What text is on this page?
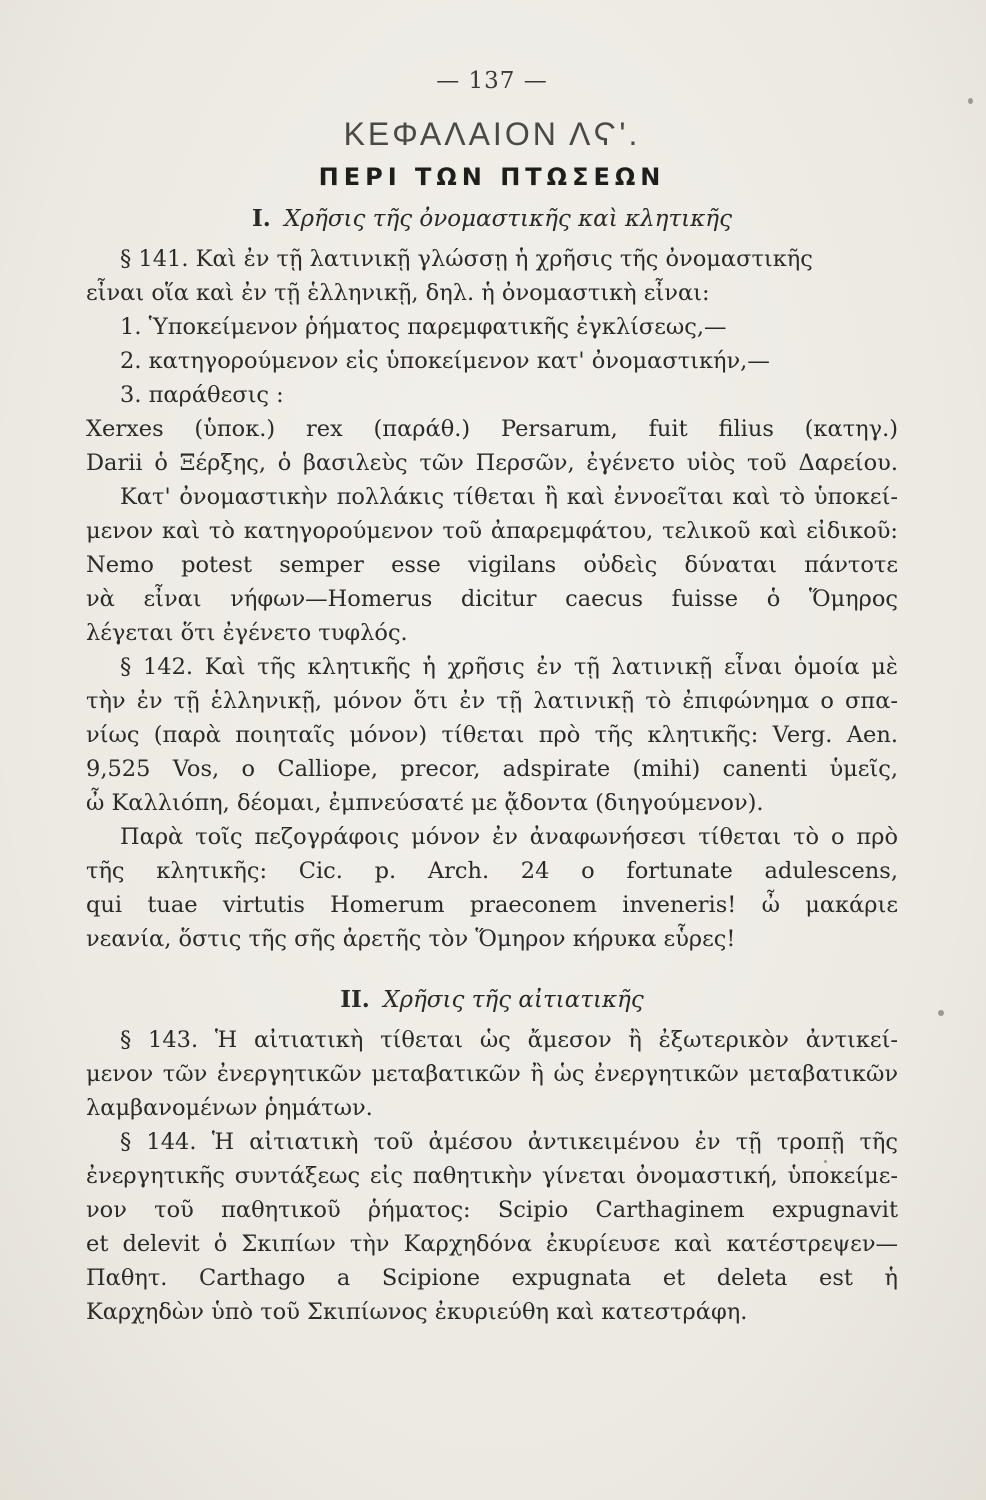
— 137 —
ΚΕΦΑΛΑΙΟΝ ΛϚ'.
ΠΕΡΙ ΤΩΝ ΠΤΩΣΕΩΝ
I. Χρῆσις τῆς ὀνομαστικῆς καὶ κλητικῆς

§ 141. Καὶ ἐν τῇ λατινικῇ γλώσσῃ ἡ χρῆσις τῆς ὀνομαστικῆς

εἶναι οἵα καὶ ἐν τῇ ἑλληνικῇ, δηλ. ἡ ὀνομαστικὴ εἶναι:

1. Ὑποκείμενον ῥήματος παρεμφατικῆς ἐγκλίσεως,—

2. κατηγορούμενον εἰς ὑποκείμενον κατ' ὀνομαστικήν,—

3. παράθεσις :

Xerxes (ὑποκ.) rex (παράθ.) Persarum, fuit filius (κατηγ.)

Darii ὁ Ξέρξης, ὁ βασιλεὺς τῶν Περσῶν, ἐγένετο υἱὸς τοῦ Δαρείου.

Κατ' ὀνομαστικὴν πολλάκις τίθεται ἢ καὶ ἐννοεῖται καὶ τὸ ὑποκεί-

μενον καὶ τὸ κατηγορούμενον τοῦ ἀπαρεμφάτου, τελικοῦ καὶ εἰδικοῦ:

Nemo potest semper esse vigilans οὐδεὶς δύναται πάντοτε

νὰ εἶναι νήφων—Homerus dicitur caecus fuisse ὁ Ὅμηρος

λέγεται ὅτι ἐγένετο τυφλός.

§ 142. Καὶ τῆς κλητικῆς ἡ χρῆσις ἐν τῇ λατινικῇ εἶναι ὁμοία μὲ

τὴν ἐν τῇ ἑλληνικῇ, μόνον ὅτι ἐν τῇ λατινικῇ τὸ ἐπιφώνημα o σπα-

νίως (παρὰ ποιηταῖς μόνον) τίθεται πρὸ τῆς κλητικῆς: Verg. Aen.

9,525 Vos, o Calliope, precor, adspirate (mihi) canenti ὑμεῖς,

ὦ Καλλιόπη, δέομαι, ἐμπνεύσατέ με ᾄδοντα (διηγούμενον).

Παρὰ τοῖς πεζογράφοις μόνον ἐν ἀναφωνήσεσι τίθεται τὸ o πρὸ

τῆς κλητικῆς: Cic. p. Arch. 24 o fortunate adulescens,

qui tuae virtutis Homerum praeconem inveneris! ὦ μακάριε

νεανία, ὅστις τῆς σῆς ἀρετῆς τὸν Ὅμηρον κήρυκα εὗρες!

II. Χρῆσις τῆς αἰτιατικῆς

§ 143. Ἡ αἰτιατικὴ τίθεται ὡς ἄμεσον ἢ ἐξωτερικὸν ἀντικεί-

μενον τῶν ἐνεργητικῶν μεταβατικῶν ἢ ὡς ἐνεργητικῶν μεταβατικῶν

λαμβανομένων ῥημάτων.

§ 144. Ἡ αἰτιατικὴ τοῦ ἀμέσου ἀντικειμένου ἐν τῇ τροπῇ τῆς

ἐνεργητικῆς συντάξεως εἰς παθητικὴν γίνεται ὀνομαστική, ὑποκείμε-

νον τοῦ παθητικοῦ ῥήματος: Scipio Carthaginem expugnavit

et delevit ὁ Σκιπίων τὴν Καρχηδόνα ἐκυρίευσε καὶ κατέστρεψεν—

Παθητ. Carthago a Scipione expugnata et deleta est ἡ

Καρχηδὼν ὑπὸ τοῦ Σκιπίωνος ἐκυριεύθη καὶ κατεστράφη.
